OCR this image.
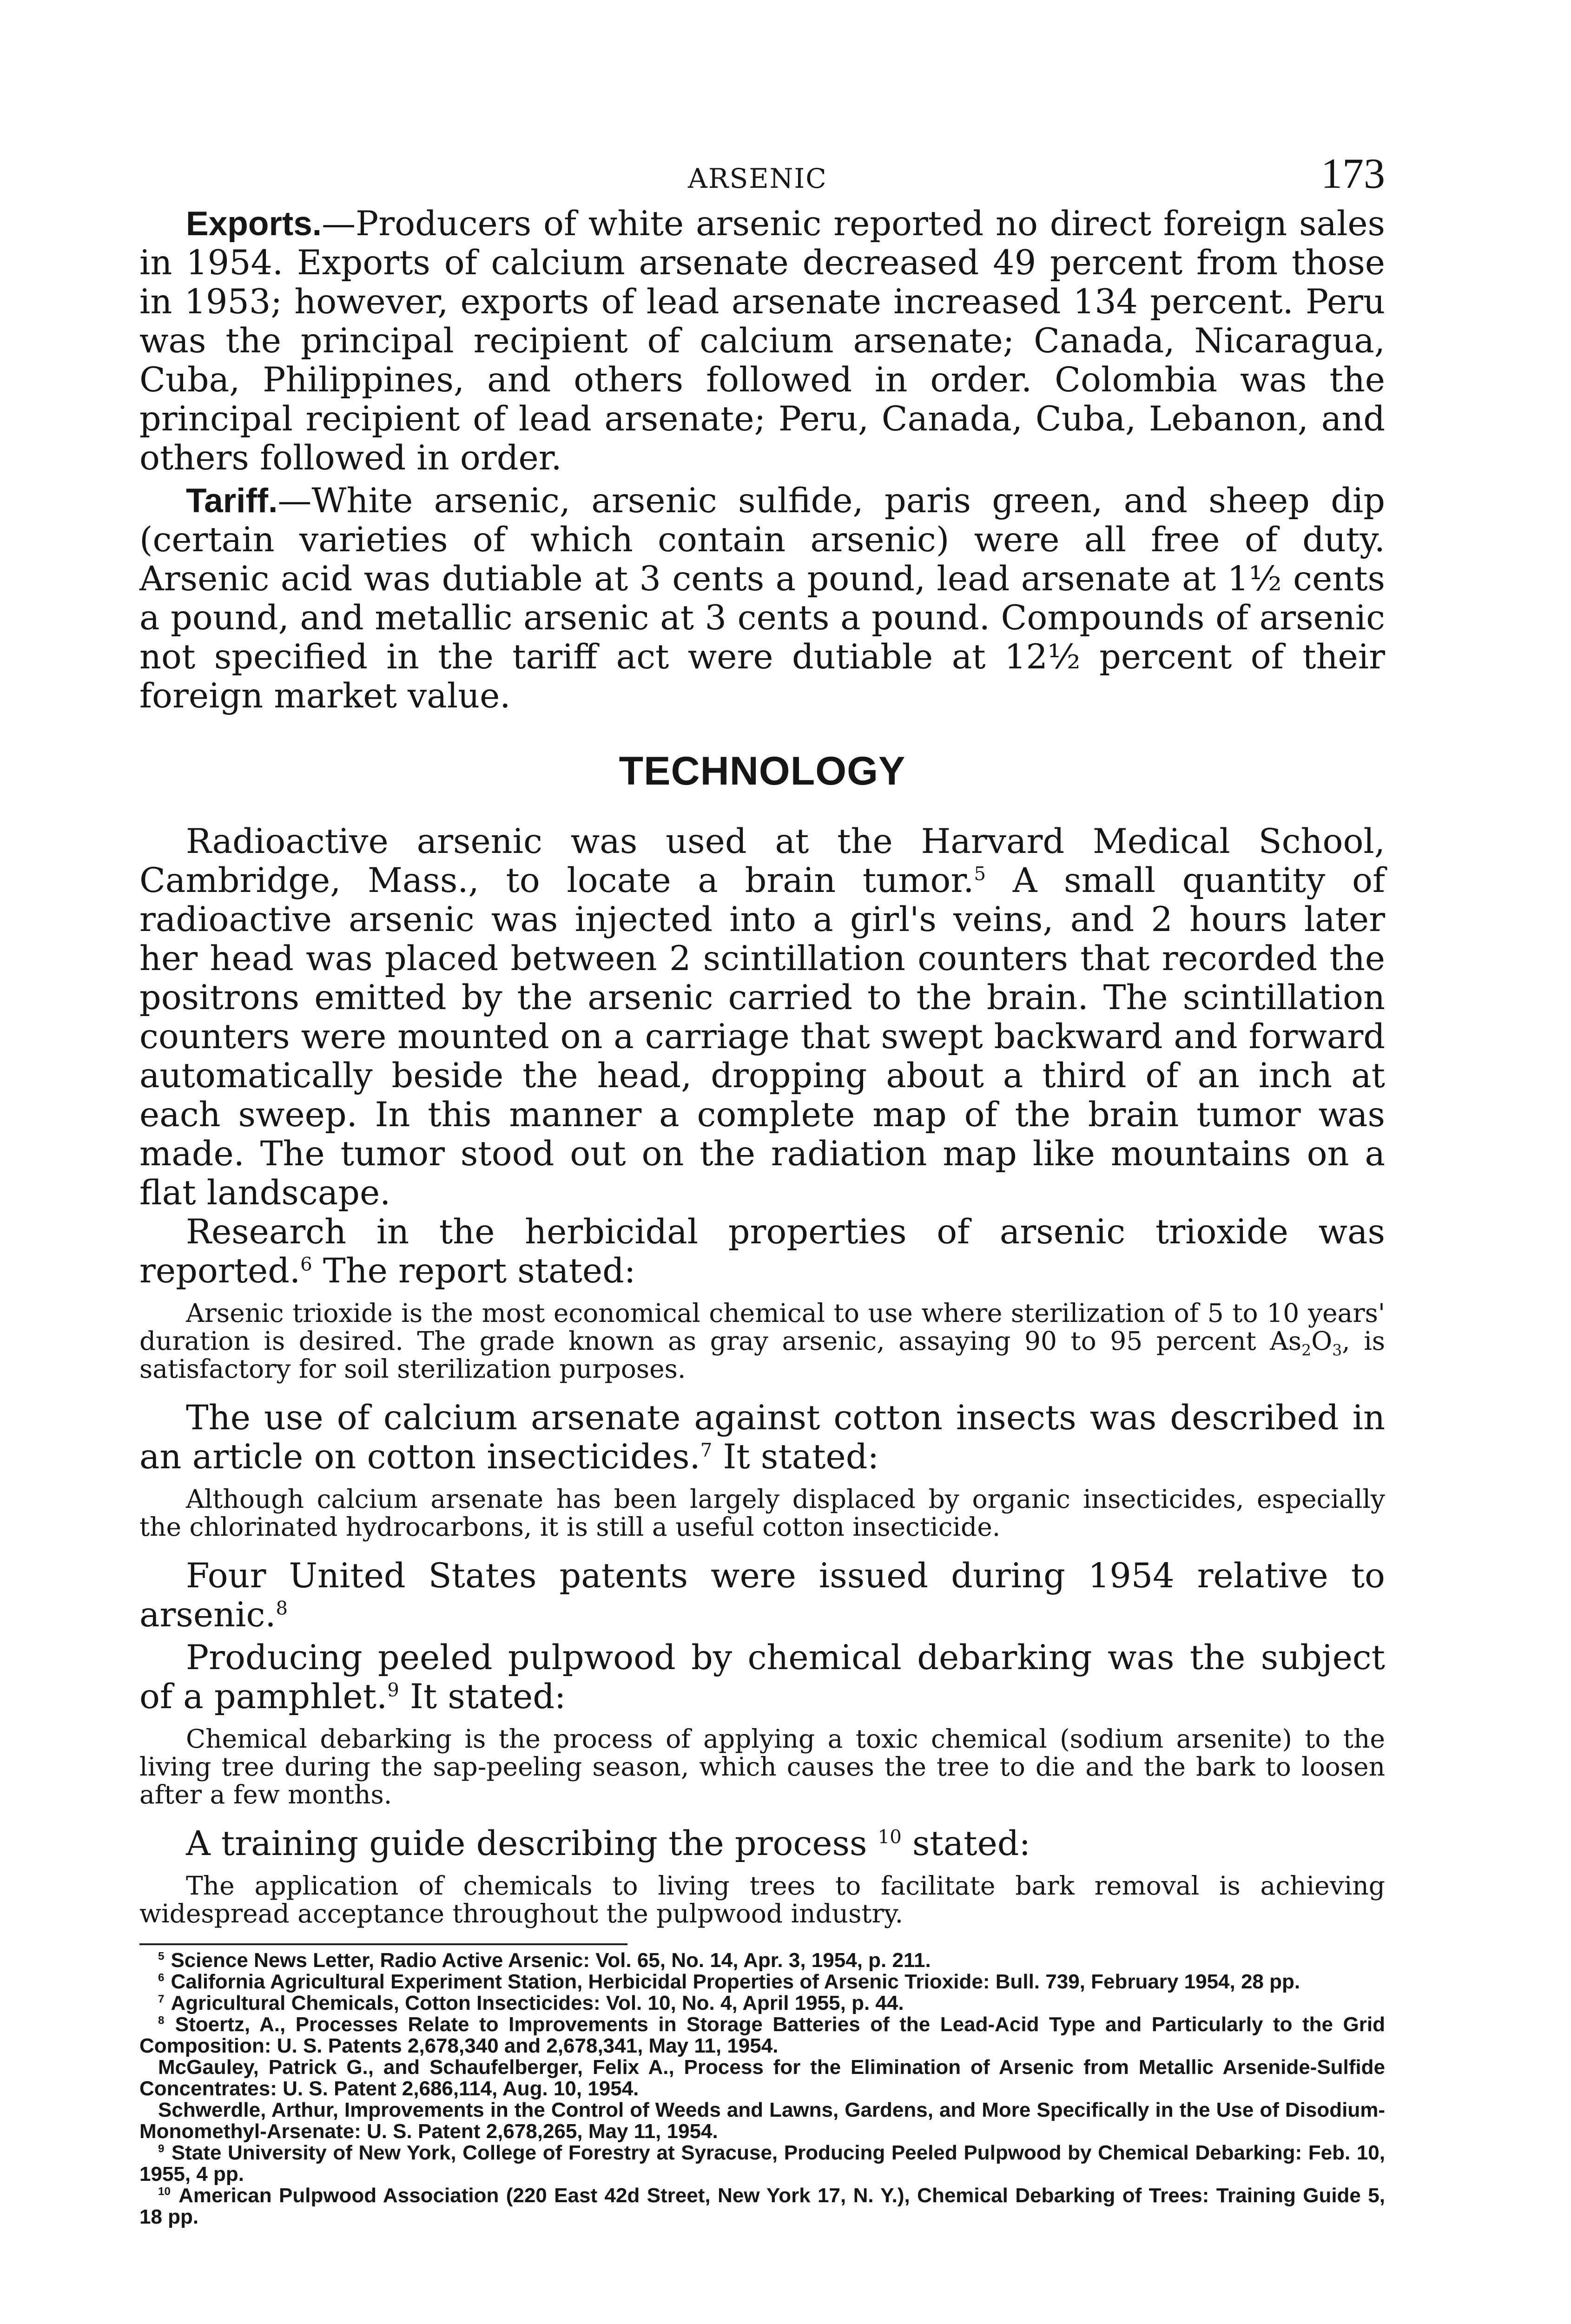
ARSENIC	173

Exports.—Producers of white arsenic reported no direct foreign sales in 1954. Exports of calcium arsenate decreased 49 percent from those in 1953; however, exports of lead arsenate increased 134 percent. Peru was the principal recipient of calcium arsenate; Canada, Nicaragua, Cuba, Philippines, and others followed in order. Colombia was the principal recipient of lead arsenate; Peru, Canada, Cuba, Lebanon, and others followed in order.

Tariff.—White arsenic, arsenic sulfide, paris green, and sheep dip (certain varieties of which contain arsenic) were all free of duty. Arsenic acid was dutiable at 3 cents a pound, lead arsenate at 1½ cents a pound, and metallic arsenic at 3 cents a pound. Compounds of arsenic not specified in the tariff act were dutiable at 12½ percent of their foreign market value.

TECHNOLOGY

Radioactive arsenic was used at the Harvard Medical School, Cambridge, Mass., to locate a brain tumor.$^5$ A small quantity of radioactive arsenic was injected into a girl's veins, and 2 hours later her head was placed between 2 scintillation counters that recorded the positrons emitted by the arsenic carried to the brain. The scintillation counters were mounted on a carriage that swept backward and forward automatically beside the head, dropping about a third of an inch at each sweep. In this manner a complete map of the brain tumor was made. The tumor stood out on the radiation map like mountains on a flat landscape.

Research in the herbicidal properties of arsenic trioxide was reported.$^6$ The report stated:

Arsenic trioxide is the most economical chemical to use where sterilization of 5 to 10 years' duration is desired. The grade known as gray arsenic, assaying 90 to 95 percent $As_2O_3$, is satisfactory for soil sterilization purposes.

The use of calcium arsenate against cotton insects was described in an article on cotton insecticides.$^7$ It stated:

Although calcium arsenate has been largely displaced by organic insecticides, especially the chlorinated hydrocarbons, it is still a useful cotton insecticide.

Four United States patents were issued during 1954 relative to arsenic.$^8$

Producing peeled pulpwood by chemical debarking was the subject of a pamphlet.$^9$ It stated:

Chemical debarking is the process of applying a toxic chemical (sodium arsenite) to the living tree during the sap-peeling season, which causes the tree to die and the bark to loosen after a few months.

A training guide describing the process $^{10}$ stated:

The application of chemicals to living trees to facilitate bark removal is achieving widespread acceptance throughout the pulpwood industry.

$^5$ Science News Letter, Radio Active Arsenic: Vol. 65, No. 14, Apr. 3, 1954, p. 211.

$^6$ California Agricultural Experiment Station, Herbicidal Properties of Arsenic Trioxide: Bull. 739, February 1954, 28 pp.

$^7$ Agricultural Chemicals, Cotton Insecticides: Vol. 10, No. 4, April 1955, p. 44.

$^8$ Stoertz, A., Processes Relate to Improvements in Storage Batteries of the Lead-Acid Type and Particularly to the Grid Composition: U. S. Patents 2,678,340 and 2,678,341, May 11, 1954.

McGauley, Patrick G., and Schaufelberger, Felix A., Process for the Elimination of Arsenic from Metallic Arsenide-Sulfide Concentrates: U. S. Patent 2,686,114, Aug. 10, 1954.

Schwerdle, Arthur, Improvements in the Control of Weeds and Lawns, Gardens, and More Specifically in the Use of Disodium-Monomethyl-Arsenate: U. S. Patent 2,678,265, May 11, 1954.

$^9$ State University of New York, College of Forestry at Syracuse, Producing Peeled Pulpwood by Chemical Debarking: Feb. 10, 1955, 4 pp.

$^{10}$ American Pulpwood Association (220 East 42d Street, New York 17, N. Y.), Chemical Debarking of Trees: Training Guide 5, 18 pp.
